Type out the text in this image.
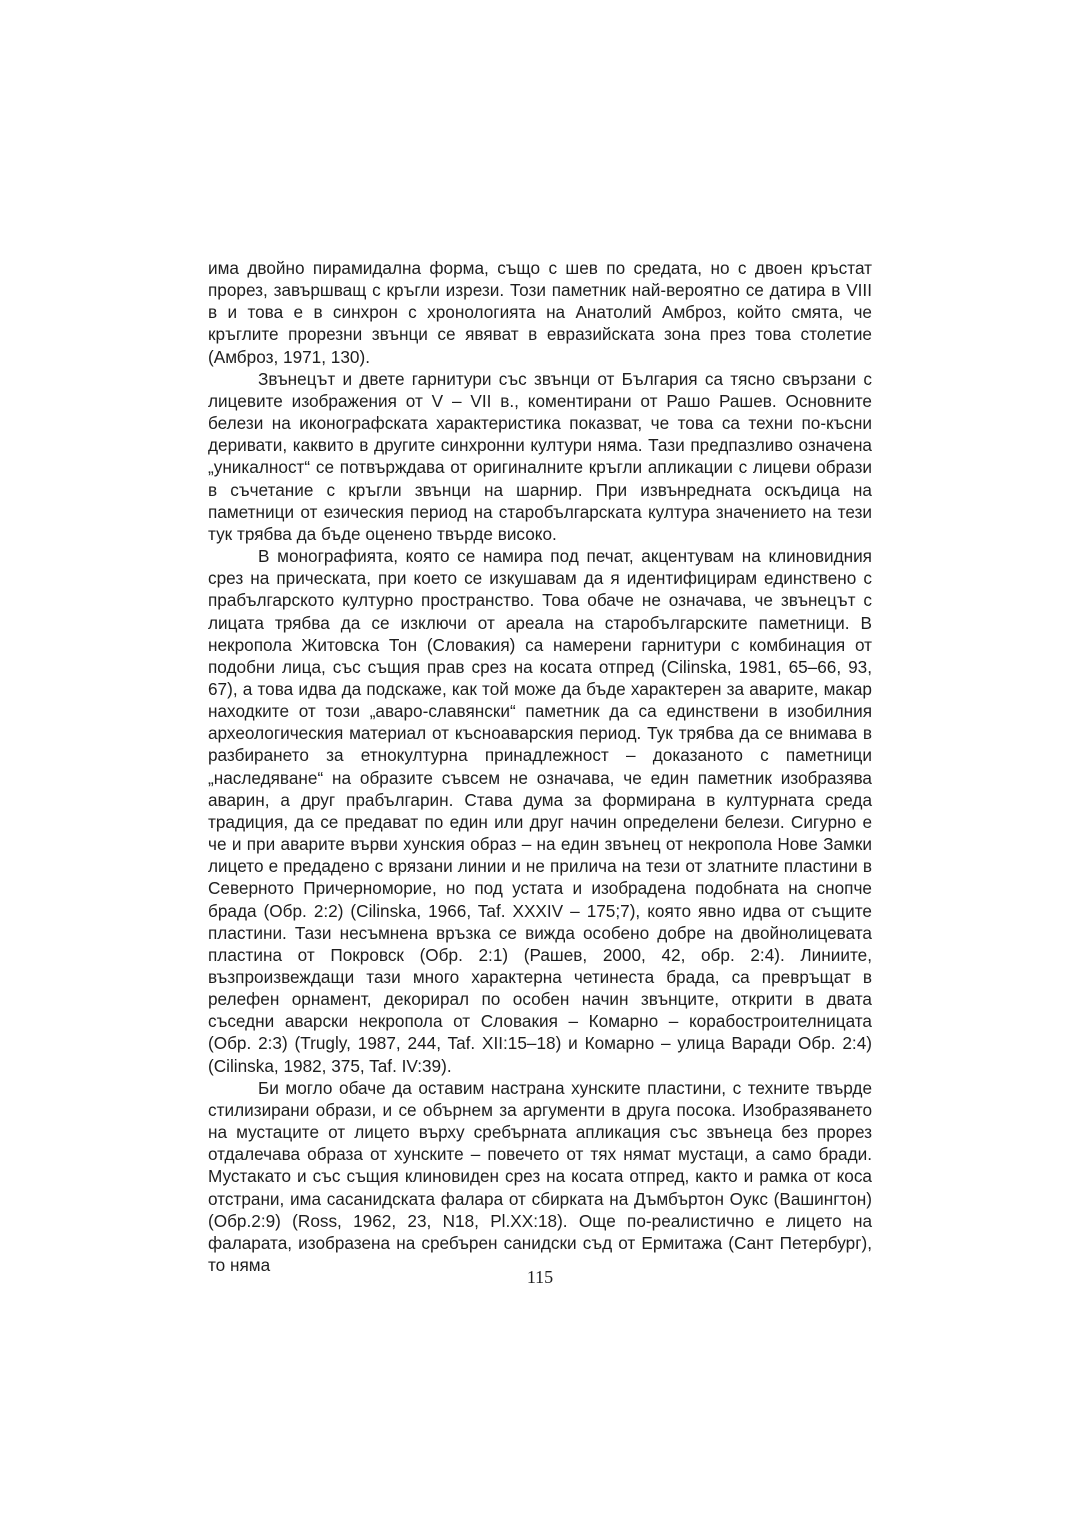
има двойно пирамидална форма, също с шев по средата, но с двоен кръстат прорез, завършващ с кръгли изрези. Този паметник най-вероятно се датира в VIII в и това е в синхрон с хронологията на Анатолий Амброз, който смята, че кръглите прорезни звънци се явяват в евразийската зона през това столетие (Амброз, 1971, 130).

Звънецът и двете гарнитури със звънци от България са тясно свързани с лицевите изображения от V – VII в., коментирани от Рашо Рашев. Основните белези на иконографската характеристика показват, че това са техни по-късни деривати, каквито в другите синхронни култури няма. Тази предпазливо означена „уникалност“ се потвърждава от оригиналните кръгли апликации с лицеви образи в съчетание с кръгли звънци на шарнир. При извънредната оскъдица на паметници от езическия период на старобългарската култура значението на тези тук трябва да бъде оценено твърде високо.

В монографията, която се намира под печат, акцентувам на клиновидния срез на прическата, при което се изкушавам да я идентифицирам единствено с прабългарското културно пространство. Това обаче не означава, че звънецът с лицата трябва да се изключи от ареала на старобългарските паметници. В некропола Житовска Тон (Словакия) са намерени гарнитури с комбинация от подобни лица, със същия прав срез на косата отпред (Cilinska, 1981, 65–66, 93, 67), а това идва да подскаже, как той може да бъде характерен за аварите, макар находките от този „аваро-славянски“ паметник да са единствени в изобилния археологическия материал от късноаварския период. Тук трябва да се внимава в разбирането за етнокултурна принадлежност – доказаното с паметници „наследяване“ на образите съвсем не означава, че един паметник изобразява аварин, а друг прабългарин. Става дума за формирана в културната среда традиция, да се предават по един или друг начин определени белези. Сигурно е че и при аварите върви хунския образ – на един звънец от некропола Нове Замки лицето е предадено с врязани линии и не прилича на тези от златните пластини в Северното Причерноморие, но под устата и изобрадена подобната на снопче брада (Обр. 2:2) (Cilinska, 1966, Taf. XXXIV – 175;7), която явно идва от същите пластини. Тази несъмнена връзка се вижда особено добре на двойнолицевата пластина от Покровск (Обр. 2:1) (Рашев, 2000, 42, обр. 2:4). Линиите, възпроизвеждащи тази много характерна четинеста брада, са превръщат в релефен орнамент, декорирал по особен начин звънците, открити в двата съседни аварски некропола от Словакия – Комарно – корабостроителницата (Обр. 2:3) (Trugly, 1987, 244, Taf. XII:15–18) и Комарно – улица Варади Обр. 2:4) (Cilinska, 1982, 375, Taf. IV:39).

Би могло обаче да оставим настрана хунските пластини, с техните твърде стилизирани образи, и се обърнем за аргументи в друга посока. Изобразяването на мустаците от лицето върху сребърната апликация със звънеца без прорез отдалечава образа от хунските – повечето от тях нямат мустаци, а само бради. Мустакато и със същия клиновиден срез на косата отпред, както и рамка от коса отстрани, има сасанидската фалара от сбирката на Дъмбъртон Оукс (Вашингтон) (Обр.2:9) (Ross, 1962, 23, N18, Pl.XX:18). Още по-реалистично е лицето на фаларата, изобразена на сребърен санидски съд от Ермитажа (Сант Петербург), то няма

115
